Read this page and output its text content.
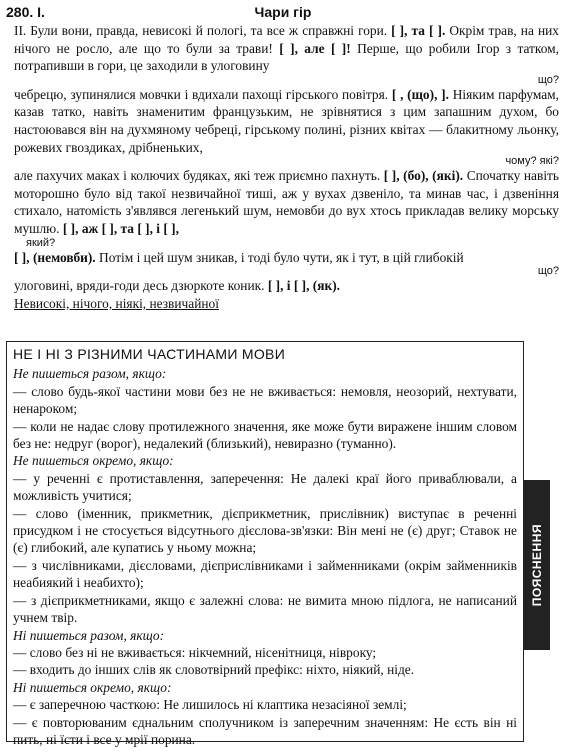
280. I.	Чари гір

II. Були вони, правда, невисокі й пологі, та все ж справжні гори. [ ], та [ ]. Окрім трав, на них нічого не росло, але що то були за трави! [ ], але [ ]! Перше, що робили Ігор з татком, потрапивши в гори, це заходили в улоговину

що?

чебрецю, зупинялися мовчки і вдихали пахощі гірського повітря. [ , (що), ]. Ніяким парфумам, казав татко, навіть знаменитим французьким, не зрівнятися з цим запашним духом, бо настоювався він на духмяному чебреці, гірському полині, різних квітах — блакитному льонку, рожевих гвоздиках, дрібненьких,

чому? які?

але пахучих маках і колючих будяках, які теж приємно пахнуть. [ ], (бо), (які). Спочатку навіть моторошно було від такої незвичайної тиші, аж у вухах дзвеніло, та минав час, і дзвеніння стихало, натомість з'являвся легенький шум, немовби до вух хтось прикладав велику морську мушлю. [ ], аж [ ], та [ ], і [ ],

який?

[ ], (немовби). Потім і цей шум зникав, і тоді було чути, як і тут, в цій глибокій

що?

улоговині, вряди-годи десь дзюркоте коник. [ ], і [ ], (як).

Невисокі, нічого, ніякі, незвичайної

НЕ І НІ З РІЗНИМИ ЧАСТИНАМИ МОВИ

Не пишеться разом, якщо:

— слово будь-якої частини мови без не не вживається: немовля, неозорий, нехтувати, ненароком;

— коли не надає слову протилежного значення, яке може бути виражене іншим словом без не: недруг (ворог), недалекий (близький), невиразно (туманно).

Не пишеться окремо, якщо:

— у реченні є протиставлення, заперечення: Не далекі краї його приваблювали, а можливість учитися;

— слово (іменник, прикметник, дієприкметник, прислівник) виступає в реченні присудком і не стосується відсутнього дієслова-зв'язки: Він мені не (є) друг; Ставок не (є) глибокий, але купатись у ньому можна;

— з числівниками, дієсловами, дієприслівниками і займенниками (окрім займенників неабиякий і неабихто);

— з дієприкметниками, якщо є залежні слова: не вимита мною підлога, не написаний учнем твір.

Ні пишеться разом, якщо:

— слово без ні не вживається: нікчемний, нісенітниця, нівроку;

— входить до інших слів як словотвірний префікс: ніхто, ніякий, ніде.

Ні пишеться окремо, якщо:

— є заперечною часткою: Не лишилось ні клаптика незасіяної землі;

— є повторюваним єднальним сполучником із заперечним значенням: Не єсть він ні пить, ні їсти і все у мрії порина.

ПОЯСНЕННЯ
